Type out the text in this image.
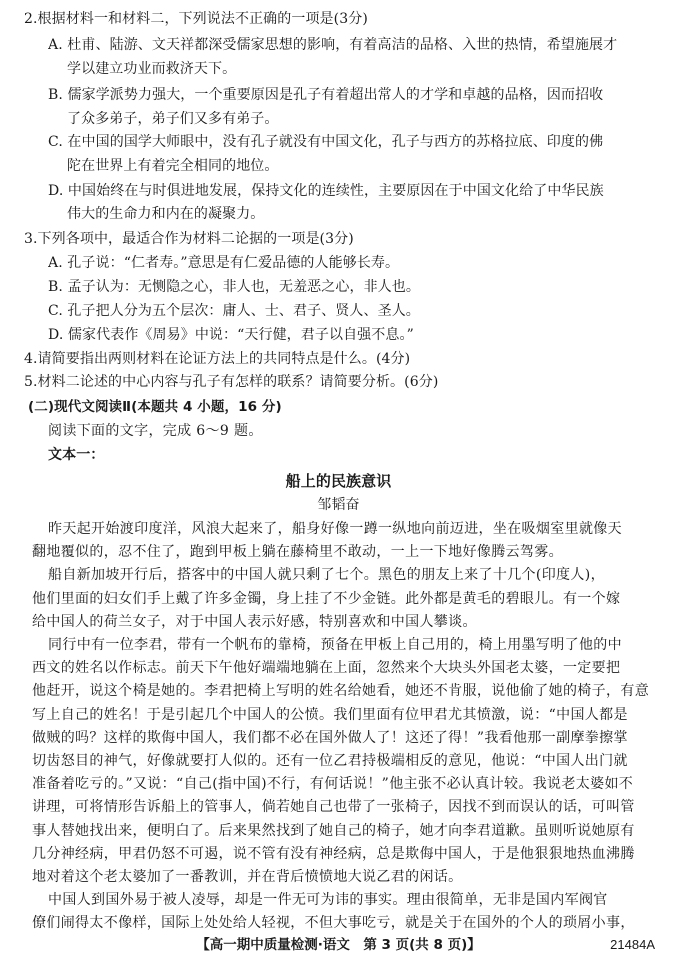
2.根据材料一和材料二，下列说法不正确的一项是(3分)
A. 杜甫、陆游、文天祥都深受儒家思想的影响，有着高洁的品格、入世的热情，希望施展才
学以建立功业而救济天下。
B. 儒家学派势力强大，一个重要原因是孔子有着超出常人的才学和卓越的品格，因而招收
了众多弟子，弟子们又多有弟子。
C. 在中国的国学大师眼中，没有孔子就没有中国文化，孔子与西方的苏格拉底、印度的佛
陀在世界上有着完全相同的地位。
D. 中国始终在与时俱进地发展，保持文化的连续性，主要原因在于中国文化给了中华民族
伟大的生命力和内在的凝聚力。
3.下列各项中，最适合作为材料二论据的一项是(3分)
A. 孔子说：“仁者寿。”意思是有仁爱品德的人能够长寿。
B. 孟子认为：无恻隐之心，非人也，无羞恶之心，非人也。
C. 孔子把人分为五个层次：庸人、士、君子、贤人、圣人。
D. 儒家代表作《周易》中说：“天行健，君子以自强不息。”
4.请简要指出两则材料在论证方法上的共同特点是什么。(4分)
5.材料二论述的中心内容与孔子有怎样的联系？请简要分析。(6分)
(二)现代文阅读Ⅱ(本题共 4 小题，16 分)
阅读下面的文字，完成 6～9 题。
文本一：
船上的民族意识
邹韬奋
昨天起开始渡印度洋，风浪大起来了，船身好像一蹲一纵地向前迈进，坐在吸烟室里就像天
翻地覆似的，忍不住了，跑到甲板上躺在藤椅里不敢动，一上一下地好像腾云驾雾。
船自新加坡开行后，搭客中的中国人就只剩了七个。黑色的朋友上来了十几个(印度人)，
他们里面的妇女们手上戴了许多金镯，身上挂了不少金链。此外都是黄毛的碧眼儿。有一个嫁
给中国人的荷兰女子，对于中国人表示好感，特别喜欢和中国人攀谈。
同行中有一位李君，带有一个帆布的靠椅，预备在甲板上自己用的，椅上用墨写明了他的中
西文的姓名以作标志。前天下午他好端端地躺在上面，忽然来个大块头外国老太婆，一定要把
他赶开，说这个椅是她的。李君把椅上写明的姓名给她看，她还不肯服，说他偷了她的椅子，有意
写上自己的姓名！于是引起几个中国人的公愤。我们里面有位甲君尤其愤激，说：“中国人都是
做贼的吗？这样的欺侮中国人，我们都不必在国外做人了！这还了得！”我看他那一副摩拳擦掌
切齿怒目的神气，好像就要打人似的。还有一位乙君持极端相反的意见，他说：“中国人出门就
准备着吃亏的。”又说：“自己(指中国)不行，有何话说！”他主张不必认真计较。我说老太婆如不
讲理，可将情形告诉船上的管事人，倘若她自己也带了一张椅子，因找不到而误认的话，可叫管
事人替她找出来，便明白了。后来果然找到了她自己的椅子，她才向李君道歉。虽则听说她原有
几分神经病，甲君仍怒不可遏，说不管有没有神经病，总是欺侮中国人，于是他狠狠地热血沸腾
地对着这个老太婆加了一番教训，并在背后愤愤地大说乙君的闲话。
中国人到国外易于被人凌辱，却是一件无可为讳的事实。理由很简单，无非是国内军阀官
僚们闹得太不像样，国际上处处给人轻视，不但大事吃亏，就是关于在国外的个人的琐屑小事，
【高一期中质量检测·语文　第 3 页(共 8 页)】	21484A
